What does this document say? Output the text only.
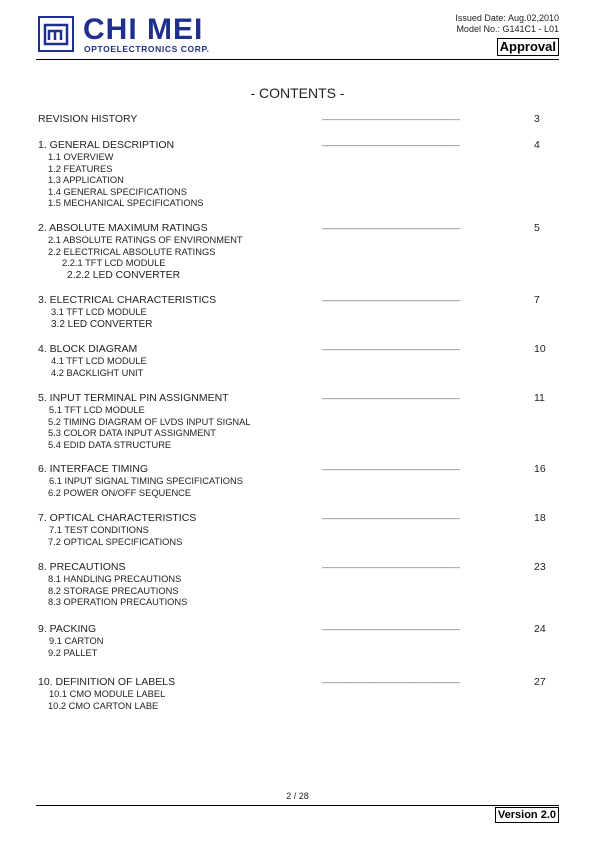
CHI MEI
OPTOELECTRONICS CORP.
Issued Date: Aug.02,2010
Model No.: G141C1 - L01
Approval
- CONTENTS -
REVISION HISTORY	--------------------------------------------------------------------	3
1. GENERAL DESCRIPTION	--------------------------------------------------------------------	4
1.1 OVERVIEW
1.2 FEATURES
1.3 APPLICATION
1.4 GENERAL SPECIFICATIONS
1.5 MECHANICAL SPECIFICATIONS
2. ABSOLUTE MAXIMUM RATINGS	--------------------------------------------------------------------	5
2.1 ABSOLUTE RATINGS OF ENVIRONMENT
2.2 ELECTRICAL ABSOLUTE RATINGS
2.2.1 TFT LCD MODULE
2.2.2 LED CONVERTER
3. ELECTRICAL CHARACTERISTICS	--------------------------------------------------------------------	7
3.1 TFT LCD MODULE
3.2 LED CONVERTER
4. BLOCK DIAGRAM	--------------------------------------------------------------------	10
4.1 TFT LCD MODULE
4.2 BACKLIGHT UNIT
5. INPUT TERMINAL PIN ASSIGNMENT	--------------------------------------------------------------------	11
5.1 TFT LCD MODULE
5.2 TIMING DIAGRAM OF LVDS INPUT SIGNAL
5.3 COLOR DATA INPUT ASSIGNMENT
5.4 EDID DATA STRUCTURE
6. INTERFACE TIMING	--------------------------------------------------------------------	16
6.1 INPUT SIGNAL TIMING SPECIFICATIONS
6.2 POWER ON/OFF SEQUENCE
7. OPTICAL CHARACTERISTICS	--------------------------------------------------------------------	18
7.1 TEST CONDITIONS
7.2 OPTICAL SPECIFICATIONS
8. PRECAUTIONS	--------------------------------------------------------------------	23
8.1 HANDLING PRECAUTIONS
8.2 STORAGE PRECAUTIONS
8.3 OPERATION PRECAUTIONS
9. PACKING	--------------------------------------------------------------------	24
9.1 CARTON
9.2 PALLET
10. DEFINITION OF LABELS	--------------------------------------------------------------------	27
10.1 CMO MODULE LABEL
10.2 CMO CARTON LABE
2 / 28
Version 2.0
